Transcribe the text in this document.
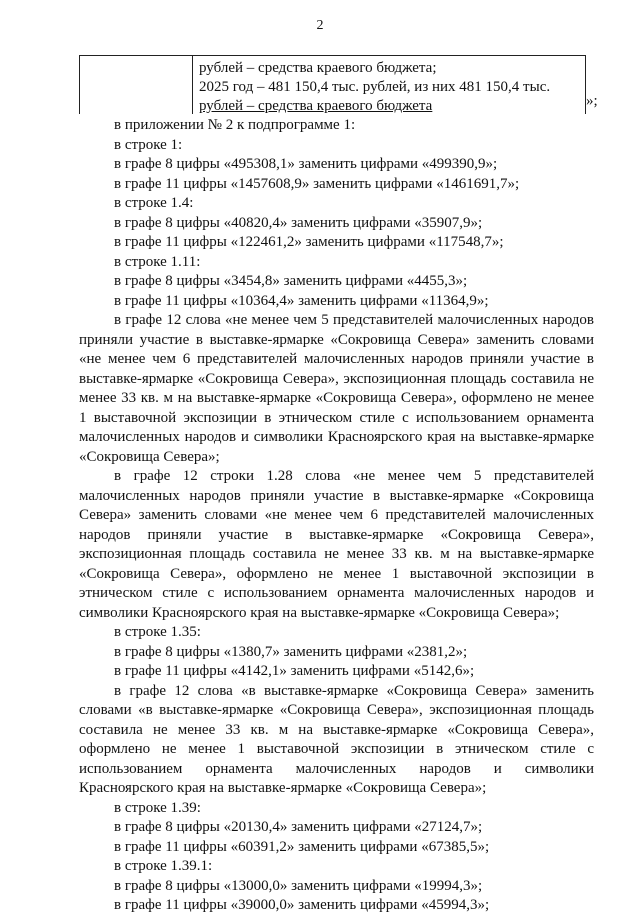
2
рублей – средства краевого бюджета;
2025 год – 481 150,4 тыс. рублей, из них 481 150,4 тыс.
рублей – средства краевого бюджета	»;

в приложении № 2 к подпрограмме 1:

в строке 1:

в графе 8 цифры «495308,1» заменить цифрами «499390,9»;

в графе 11 цифры «1457608,9» заменить цифрами «1461691,7»;

в строке 1.4:

в графе 8 цифры «40820,4» заменить цифрами «35907,9»;

в графе 11 цифры «122461,2» заменить цифрами «117548,7»;

в строке 1.11:

в графе 8 цифры «3454,8» заменить цифрами «4455,3»;

в графе 11 цифры «10364,4» заменить цифрами «11364,9»;

в графе 12 слова «не менее чем 5 представителей малочисленных народов приняли участие в выставке-ярмарке «Сокровища Севера» заменить словами «не менее чем 6 представителей малочисленных народов приняли участие в выставке-ярмарке «Сокровища Севера», экспозиционная площадь составила не менее 33 кв. м на выставке-ярмарке «Сокровища Севера», оформлено не менее 1 выставочной экспозиции в этническом стиле с использованием орнамента малочисленных народов и символики Красноярского края на выставке-ярмарке «Сокровища Севера»;

в графе 12 строки 1.28 слова «не менее чем 5 представителей малочисленных народов приняли участие в выставке-ярмарке «Сокровища Севера» заменить словами «не менее чем 6 представителей малочисленных народов приняли участие в выставке-ярмарке «Сокровища Севера», экспозиционная площадь составила не менее 33 кв. м на выставке-ярмарке «Сокровища Севера», оформлено не менее 1 выставочной экспозиции в этническом стиле с использованием орнамента малочисленных народов и символики Красноярского края на выставке-ярмарке «Сокровища Севера»;

в строке 1.35:

в графе 8 цифры «1380,7» заменить цифрами «2381,2»;

в графе 11 цифры «4142,1» заменить цифрами «5142,6»;

в графе 12 слова «в выставке-ярмарке «Сокровища Севера» заменить словами «в выставке-ярмарке «Сокровища Севера», экспозиционная площадь составила не менее 33 кв. м на выставке-ярмарке «Сокровища Севера», оформлено не менее 1 выставочной экспозиции в этническом стиле с использованием орнамента малочисленных народов и символики Красноярского края на выставке-ярмарке «Сокровища Севера»;

в строке 1.39:

в графе 8 цифры «20130,4» заменить цифрами «27124,7»;

в графе 11 цифры «60391,2» заменить цифрами «67385,5»;

в строке 1.39.1:

в графе 8 цифры «13000,0» заменить цифрами «19994,3»;

в графе 11 цифры «39000,0» заменить цифрами «45994,3»;
